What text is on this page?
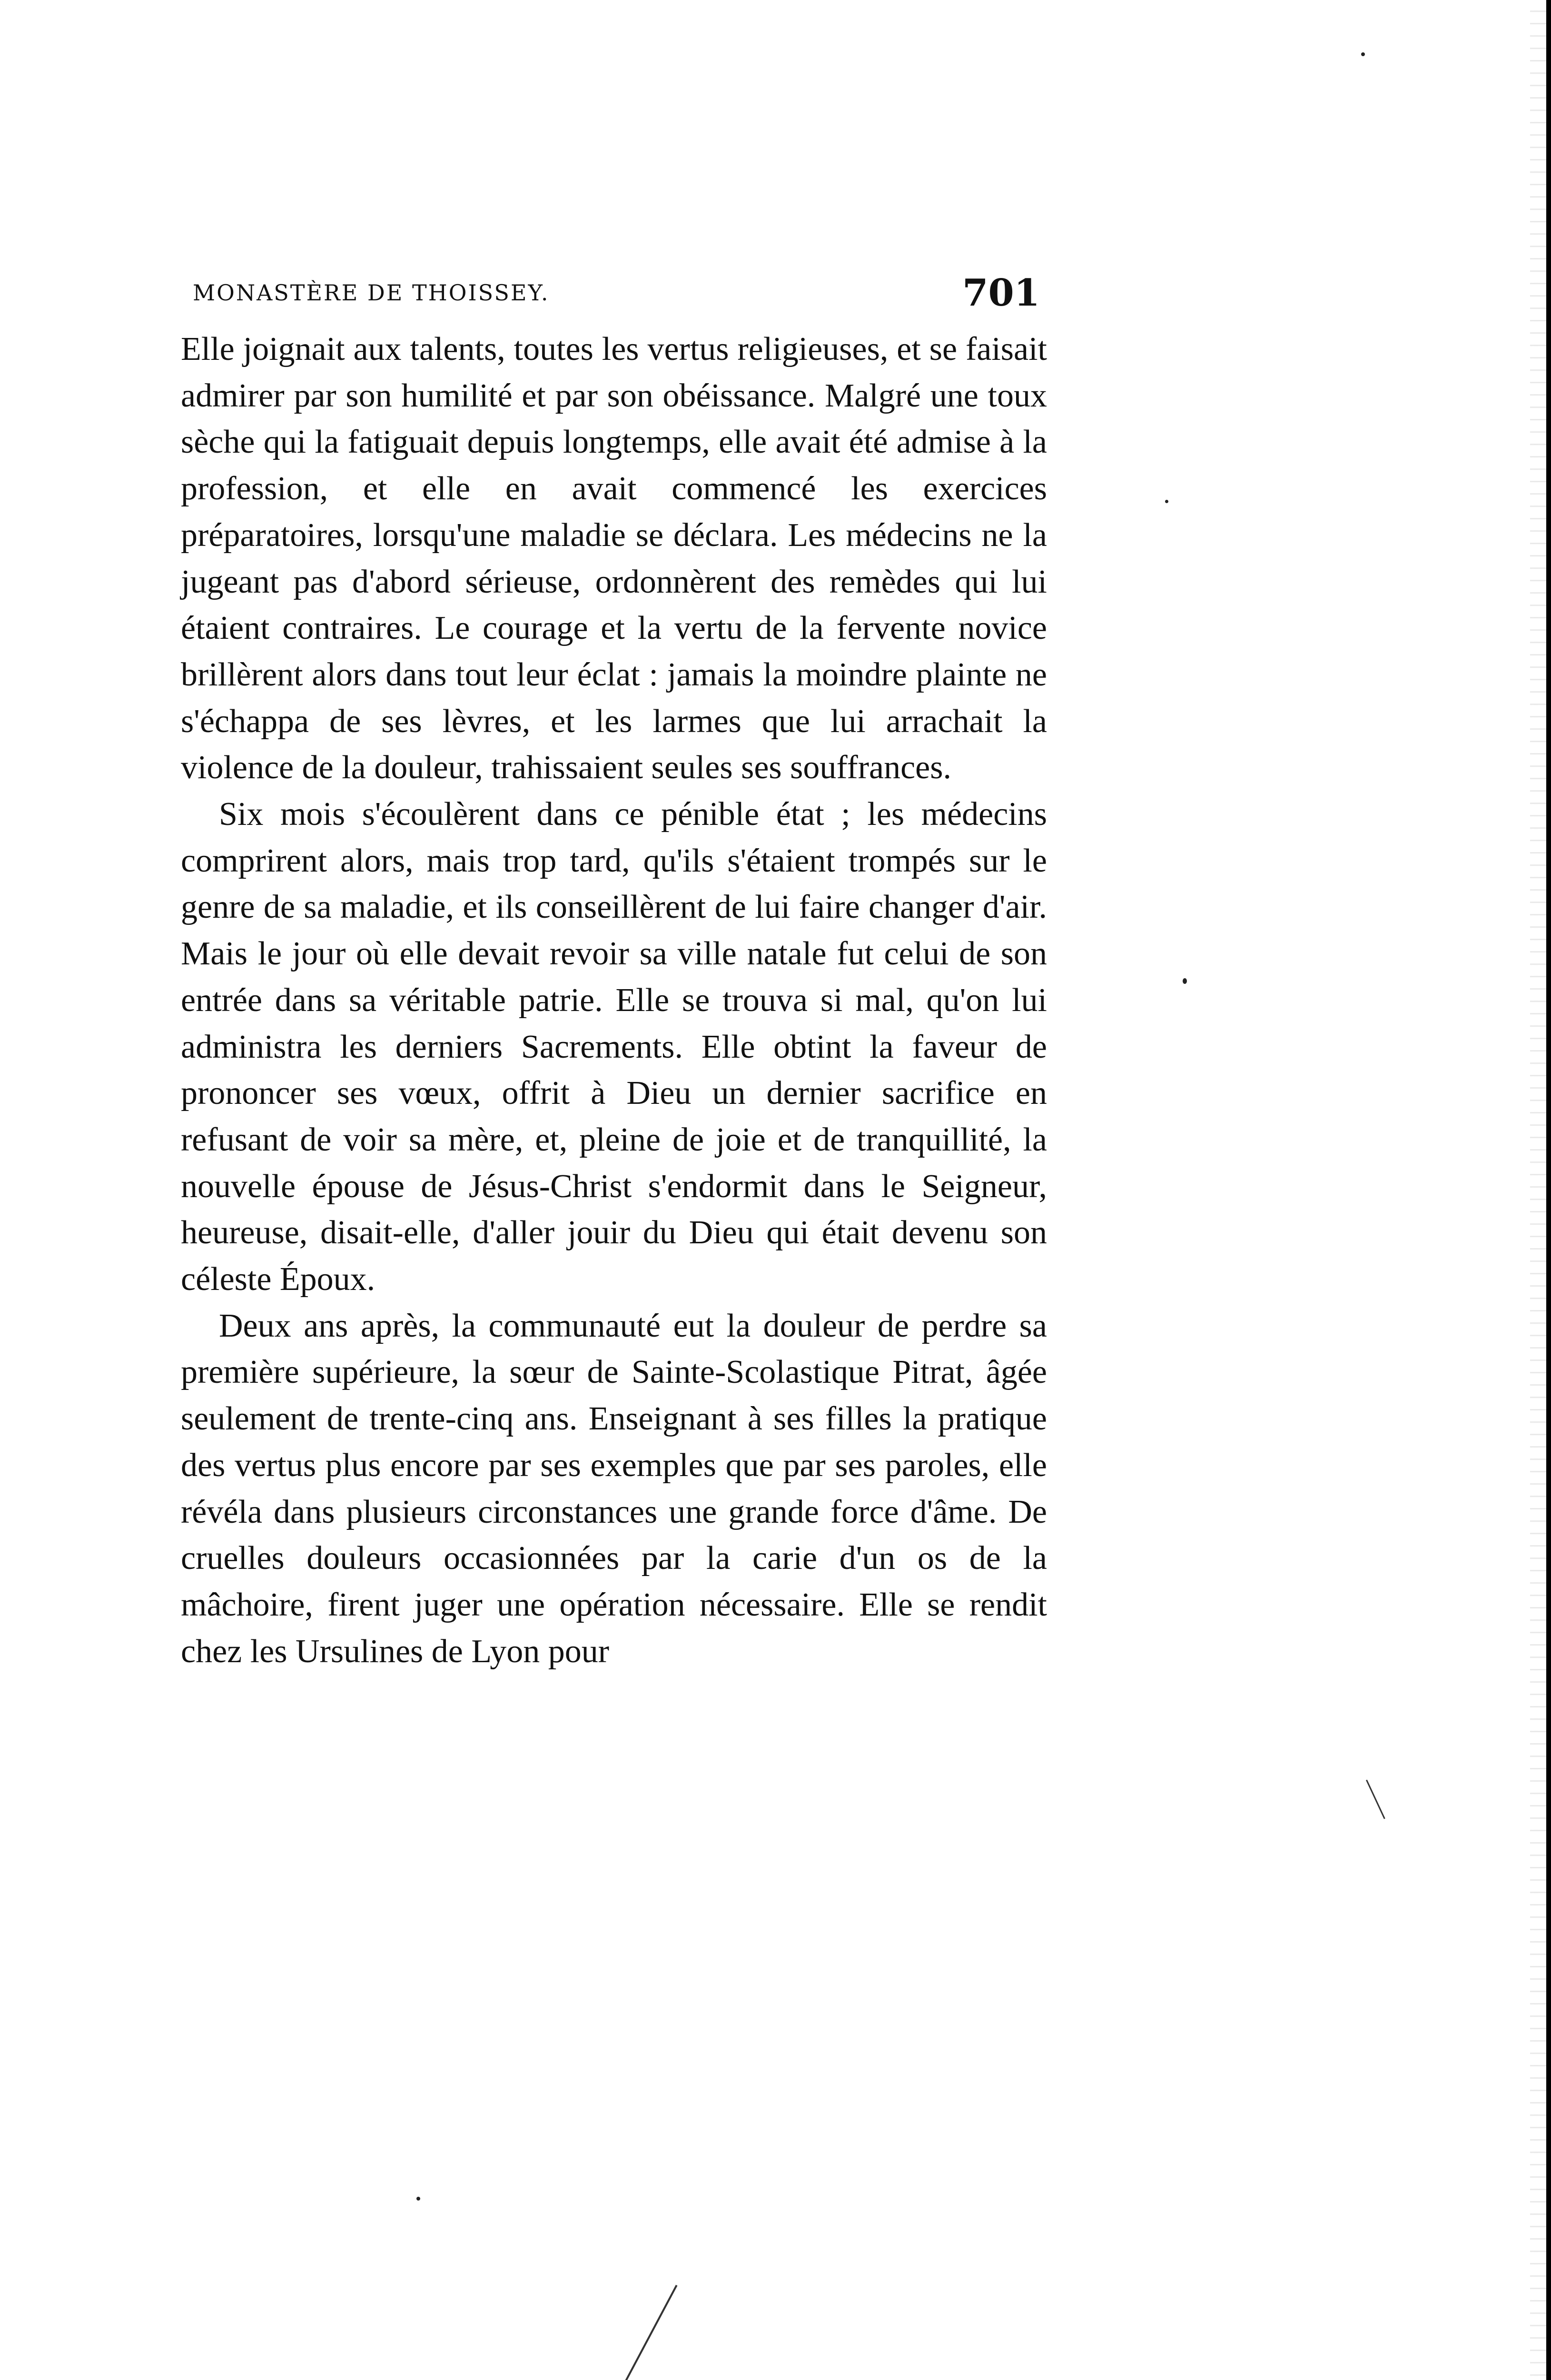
MONASTÈRE DE THOISSEY.	701

Elle joignait aux talents, toutes les vertus religieuses, et se faisait admirer par son humilité et par son obéissance. Malgré une toux sèche qui la fatiguait depuis longtemps, elle avait été admise à la profession, et elle en avait commencé les exercices préparatoires, lorsqu'une maladie se déclara. Les médecins ne la jugeant pas d'abord sérieuse, ordonnèrent des remèdes qui lui étaient contraires. Le courage et la vertu de la fervente novice brillèrent alors dans tout leur éclat : jamais la moindre plainte ne s'échappa de ses lèvres, et les larmes que lui arrachait la violence de la douleur, trahissaient seules ses souffrances.

Six mois s'écoulèrent dans ce pénible état ; les médecins comprirent alors, mais trop tard, qu'ils s'étaient trompés sur le genre de sa maladie, et ils conseillèrent de lui faire changer d'air. Mais le jour où elle devait revoir sa ville natale fut celui de son entrée dans sa véritable patrie. Elle se trouva si mal, qu'on lui administra les derniers Sacrements. Elle obtint la faveur de prononcer ses vœux, offrit à Dieu un dernier sacrifice en refusant de voir sa mère, et, pleine de joie et de tranquillité, la nouvelle épouse de Jésus-Christ s'endormit dans le Seigneur, heureuse, disait-elle, d'aller jouir du Dieu qui était devenu son céleste Époux.

Deux ans après, la communauté eut la douleur de perdre sa première supérieure, la sœur de Sainte-Scolastique Pitrat, âgée seulement de trente-cinq ans. Enseignant à ses filles la pratique des vertus plus encore par ses exemples que par ses paroles, elle révéla dans plusieurs circonstances une grande force d'âme. De cruelles douleurs occasionnées par la carie d'un os de la mâchoire, firent juger une opération nécessaire. Elle se rendit chez les Ursulines de Lyon pour
